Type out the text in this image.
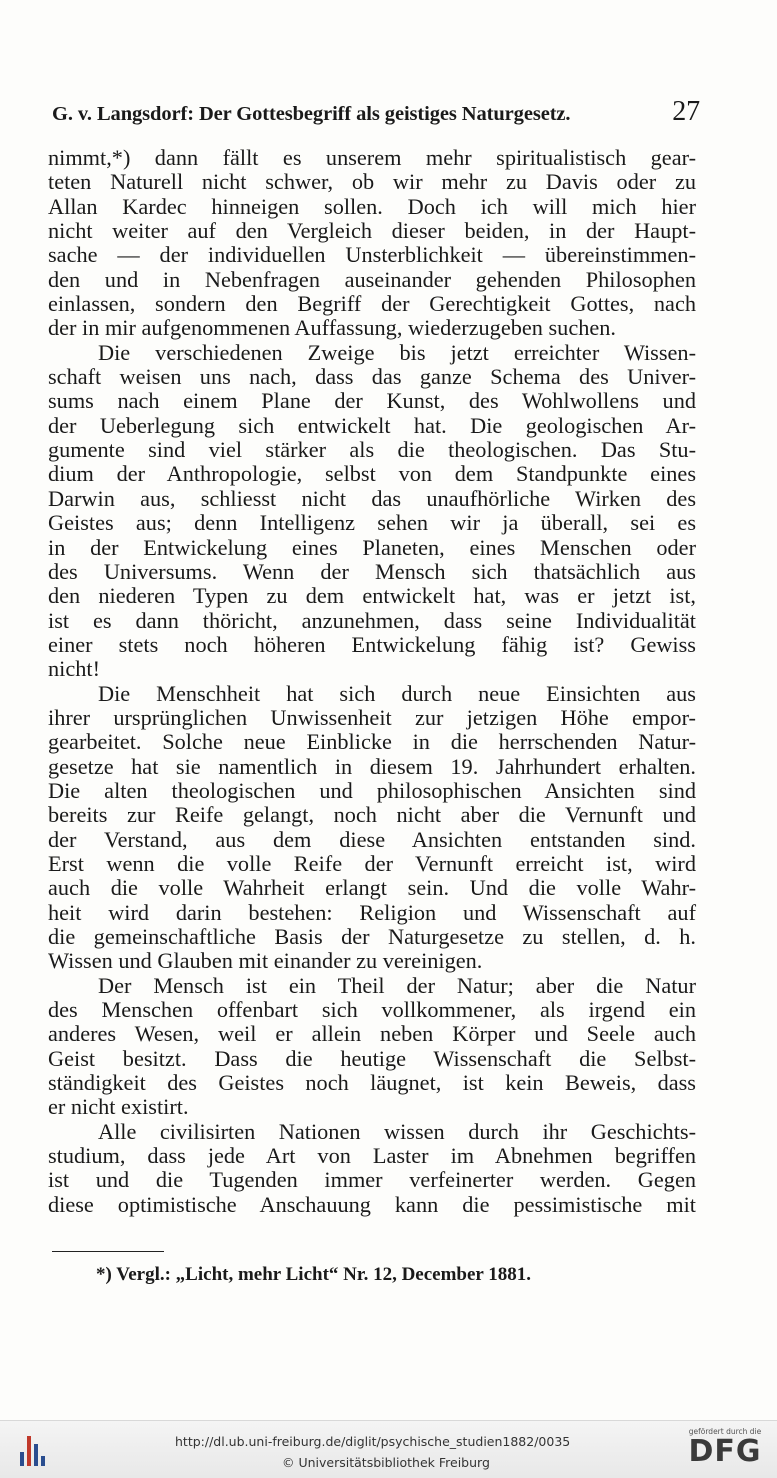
G. v. Langsdorf: Der Gottesbegriff als geistiges Naturgesetz.	27
nimmt,*) dann fällt es unserem mehr spiritualistisch gear-
teten Naturell nicht schwer, ob wir mehr zu Davis oder zu
Allan Kardec hinneigen sollen. Doch ich will mich hier
nicht weiter auf den Vergleich dieser beiden, in der Haupt-
sache — der individuellen Unsterblichkeit — übereinstimmen-
den und in Nebenfragen auseinander gehenden Philosophen
einlassen, sondern den Begriff der Gerechtigkeit Gottes, nach
der in mir aufgenommenen Auffassung, wiederzugeben suchen.
Die verschiedenen Zweige bis jetzt erreichter Wissen-
schaft weisen uns nach, dass das ganze Schema des Univer-
sums nach einem Plane der Kunst, des Wohlwollens und
der Ueberlegung sich entwickelt hat. Die geologischen Ar-
gumente sind viel stärker als die theologischen. Das Stu-
dium der Anthropologie, selbst von dem Standpunkte eines
Darwin aus, schliesst nicht das unaufhörliche Wirken des
Geistes aus; denn Intelligenz sehen wir ja überall, sei es
in der Entwickelung eines Planeten, eines Menschen oder
des Universums. Wenn der Mensch sich thatsächlich aus
den niederen Typen zu dem entwickelt hat, was er jetzt ist,
ist es dann thöricht, anzunehmen, dass seine Individualität
einer stets noch höheren Entwickelung fähig ist? Gewiss
nicht!
Die Menschheit hat sich durch neue Einsichten aus
ihrer ursprünglichen Unwissenheit zur jetzigen Höhe empor-
gearbeitet. Solche neue Einblicke in die herrschenden Natur-
gesetze hat sie namentlich in diesem 19. Jahrhundert erhalten.
Die alten theologischen und philosophischen Ansichten sind
bereits zur Reife gelangt, noch nicht aber die Vernunft und
der Verstand, aus dem diese Ansichten entstanden sind.
Erst wenn die volle Reife der Vernunft erreicht ist, wird
auch die volle Wahrheit erlangt sein. Und die volle Wahr-
heit wird darin bestehen: Religion und Wissenschaft auf
die gemeinschaftliche Basis der Naturgesetze zu stellen, d. h.
Wissen und Glauben mit einander zu vereinigen.
Der Mensch ist ein Theil der Natur; aber die Natur
des Menschen offenbart sich vollkommener, als irgend ein
anderes Wesen, weil er allein neben Körper und Seele auch
Geist besitzt. Dass die heutige Wissenschaft die Selbst-
ständigkeit des Geistes noch läugnet, ist kein Beweis, dass
er nicht existirt.
Alle civilisirten Nationen wissen durch ihr Geschichts-
studium, dass jede Art von Laster im Abnehmen begriffen
ist und die Tugenden immer verfeinerter werden. Gegen
diese optimistische Anschauung kann die pessimistische mit
*) Vergl.: „Licht, mehr Licht“ Nr. 12, December 1881.
http://dl.ub.uni-freiburg.de/diglit/psychische_studien1882/0035
© Universitätsbibliothek Freiburg
gefördert durch die
DFG
